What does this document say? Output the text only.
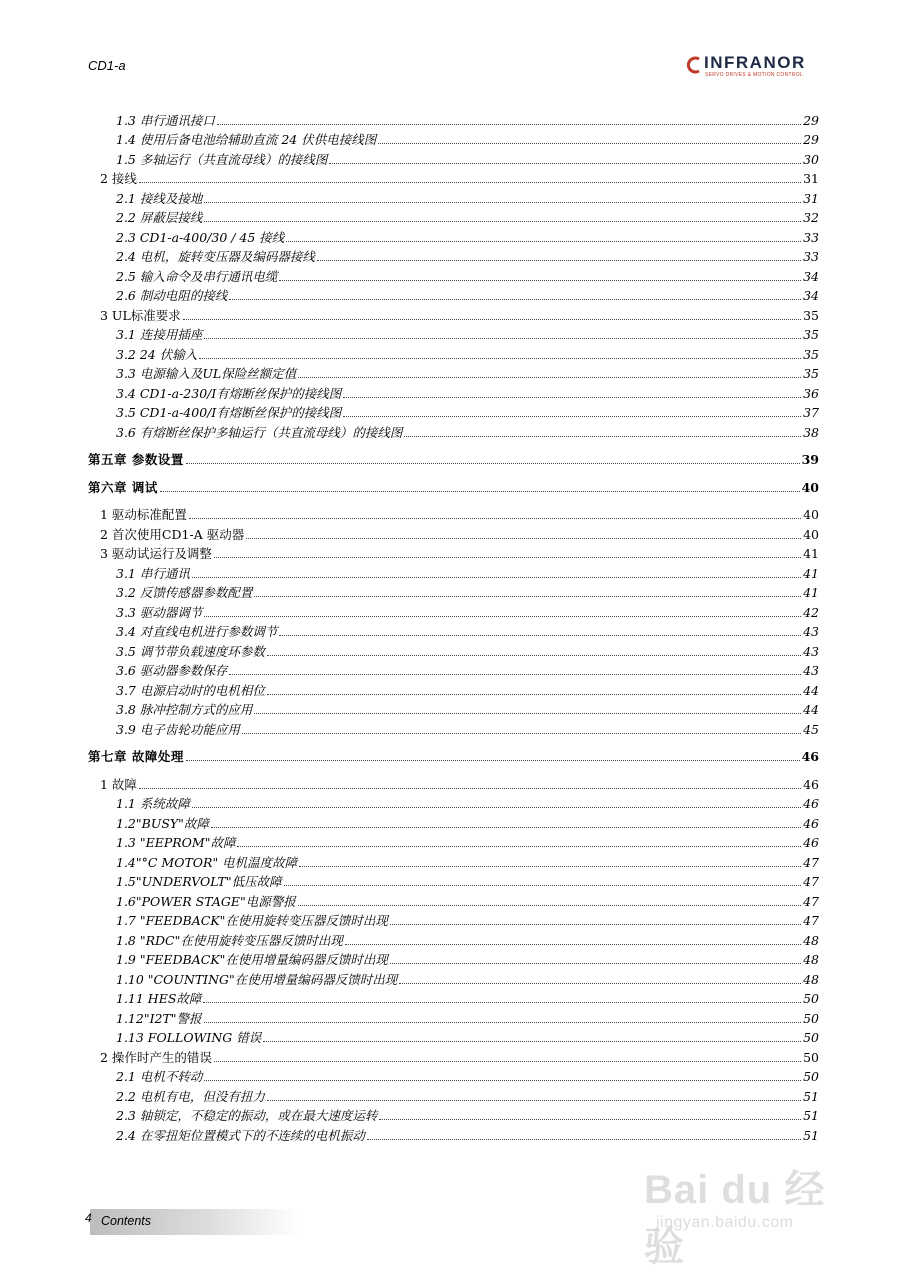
CD1-a	INFRANOR
SERVO DRIVES & MOTION CONTROL
1.3 串行通讯接口	29
1.4 使用后备电池给辅助直流 24 伏供电接线图	29
1.5 多轴运行（共直流母线）的接线图	30
2 接线	31
2.1 接线及接地	31
2.2 屏蔽层接线	32
2.3 CD1-a-400/30 / 45 接线	33
2.4 电机，旋转变压器及编码器接线	33
2.5 输入命令及串行通讯电缆	34
2.6 制动电阻的接线	34
3 UL标准要求	35
3.1 连接用插座	35
3.2 24 伏输入	35
3.3 电源输入及UL保险丝额定值	35
3.4 CD1-a-230/I有熔断丝保护的接线图	36
3.5 CD1-a-400/I有熔断丝保护的接线图	37
3.6 有熔断丝保护多轴运行（共直流母线）的接线图	38
第五章 参数设置	39
第六章 调试	40
1 驱动标准配置	40
2 首次使用CD1-A 驱动器	40
3 驱动试运行及调整	41
3.1 串行通讯	41
3.2 反馈传感器参数配置	41
3.3 驱动器调节	42
3.4 对直线电机进行参数调节	43
3.5 调节带负载速度环参数	43
3.6 驱动器参数保存	43
3.7 电源启动时的电机相位	44
3.8 脉冲控制方式的应用	44
3.9 电子齿轮功能应用	45
第七章 故障处理	46
1 故障	46
1.1 系统故障	46
1.2"BUSY"故障	46
1.3 "EEPROM"故障	46
1.4"°C MOTOR" 电机温度故障	47
1.5"UNDERVOLT"低压故障	47
1.6"POWER STAGE"电源警报	47
1.7 "FEEDBACK"在使用旋转变压器反馈时出现	47
1.8 "RDC"在使用旋转变压器反馈时出现	48
1.9 "FEEDBACK"在使用增量编码器反馈时出现	48
1.10 "COUNTING"在使用增量编码器反馈时出现	48
1.11 HES故障	50
1.12"I2T"警报	50
1.13 FOLLOWING 错误	50
2 操作时产生的错误	50
2.1 电机不转动	50
2.2 电机有电，但没有扭力	51
2.3 轴锁定，不稳定的振动，或在最大速度运转	51
2.4 在零扭矩位置模式下的不连续的电机振动	51
4 Contents
Bai du 经验
jingyan.baidu.com
